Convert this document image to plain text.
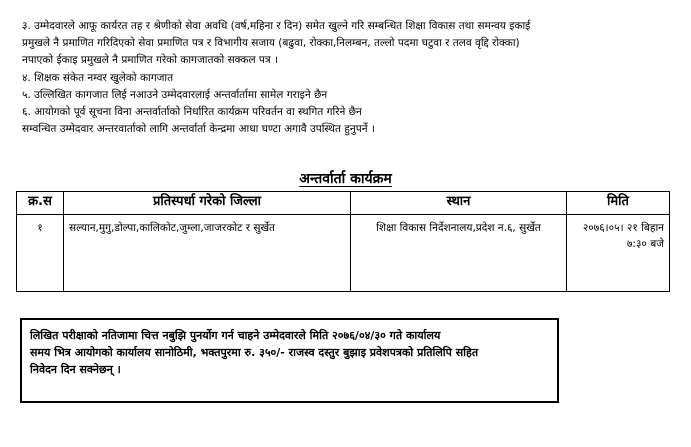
३. उम्मेदवारले आफू कार्यरत तह र श्रेणीको सेवा अवधि (वर्ष,महिना र दिन) समेत खुल्ने गरि सम्बन्धित शिक्षा विकास तथा समन्वय इकाई

प्रमुखले नै प्रमाणित गरिदिएको सेवा प्रमाणित पत्र र विभागीय सजाय (बढुवा, रोक्का,निलम्बन, तल्लो पदमा घटुवा र तलव वृद्दि रोक्का)

नपाएको ईकाइ प्रमुखले नै प्रमाणित गरेको कागजातको सक्कल पत्र ।

४. शिक्षक संकेत नम्वर खुलेको कागजात

५. उल्लिखित कागजात लिई नआउने उम्मेदवारलाई अन्तर्वार्तामा सामेल गराइने छैन

६. आयोगको पूर्व सूचना विना अन्तर्वार्ताको निर्धारित कार्यक्रम परिवर्तन वा स्थगित गरिने छैन

सम्वन्धित उम्मेदवार अन्तरवार्ताको लागि अन्तर्वार्ता केन्द्रमा आधा घण्टा अगावै उपस्थित हुनुपर्ने ।

अन्तर्वार्ता कार्यक्रम
क्र.स	प्रतिस्पर्धा गरेको जिल्ला	स्थान	मिति
१	सल्यान,मुगु,डोल्पा,कालिकोट,जुम्ला,जाजरकोट र सुर्खेत	शिक्षा विकास निर्देशनालय,प्रदेश न.६, सुर्खेत	२०७६।०५। २१ बिहान
७:३० बजे

लिखित परीक्षाको नतिजामा चित्त नबुझि पुनर्योग गर्न चाहने उम्मेदवारले मिति २०७६/०४/३० गते कार्यालय

समय भित्र आयोगको कार्यालय सानोठिमी, भक्तपुरमा रु. ३५०/- राजस्व दस्तुर बुझाइ प्रवेशपत्रको प्रतिलिपि सहित

निवेदन दिन सक्नेछन् ।
